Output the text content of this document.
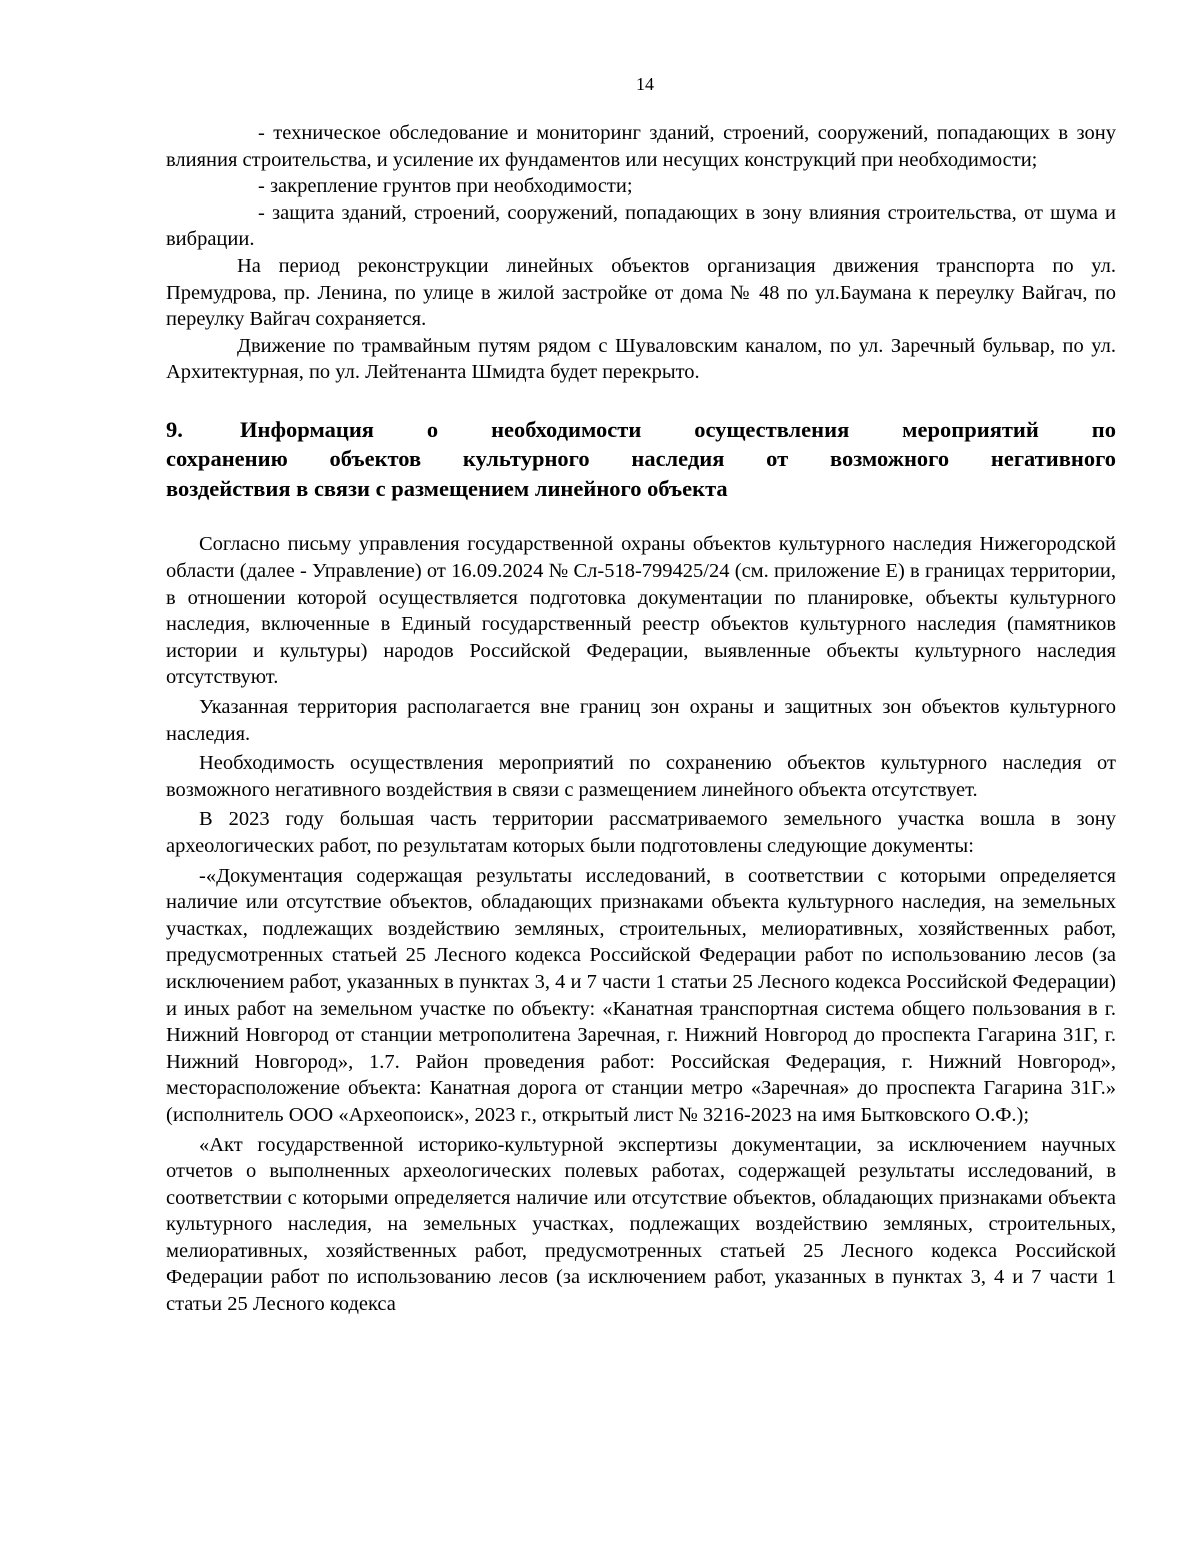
14

- техническое обследование и мониторинг зданий, строений, сооружений, попадающих в зону влияния строительства, и усиление их фундаментов или несущих конструкций при необходимости;

- закрепление грунтов при необходимости;

- защита зданий, строений, сооружений, попадающих в зону влияния строительства, от шума и вибрации.

На период реконструкции линейных объектов организация движения транспорта по ул. Премудрова, пр. Ленина, по улице в жилой застройке от дома № 48 по ул.Баумана к переулку Вайгач, по переулку Вайгач сохраняется.

Движение по трамвайным путям рядом с Шуваловским каналом, по ул. Заречный бульвар, по ул. Архитектурная, по ул. Лейтенанта Шмидта будет перекрыто.

9.	Информация о необходимости осуществления мероприятий по
сохранению объектов культурного наследия от возможного негативного
воздействия в связи с размещением линейного объекта

Согласно письму управления государственной охраны объектов культурного наследия Нижегородской области (далее - Управление) от 16.09.2024 № Сл-518-799425/24 (см. приложение Е) в границах территории, в отношении которой осуществляется подготовка документации по планировке, объекты культурного наследия, включенные в Единый государственный реестр объектов культурного наследия (памятников истории и культуры) народов Российской Федерации, выявленные объекты культурного наследия отсутствуют.

Указанная территория располагается вне границ зон охраны и защитных зон объектов культурного наследия.

Необходимость осуществления мероприятий по сохранению объектов культурного наследия от возможного негативного воздействия в связи с размещением линейного объекта отсутствует.

В 2023 году большая часть территории рассматриваемого земельного участка вошла в зону археологических работ, по результатам которых были подготовлены следующие документы:

-«Документация содержащая результаты исследований, в соответствии с которыми определяется наличие или отсутствие объектов, обладающих признаками объекта культурного наследия, на земельных участках, подлежащих воздействию земляных, строительных, мелиоративных, хозяйственных работ, предусмотренных статьей 25 Лесного кодекса Российской Федерации работ по использованию лесов (за исключением работ, указанных в пунктах 3, 4 и 7 части 1 статьи 25 Лесного кодекса Российской Федерации) и иных работ на земельном участке по объекту: «Канатная транспортная система общего пользования в г. Нижний Новгород от станции метрополитена Заречная, г. Нижний Новгород до проспекта Гагарина 31Г, г. Нижний Новгород», 1.7. Район проведения работ: Российская Федерация, г. Нижний Новгород», месторасположение объекта: Канатная дорога от станции метро «Заречная» до проспекта Гагарина 31Г.» (исполнитель ООО «Археопоиск», 2023 г., открытый лист № 3216-2023 на имя Бытковского О.Ф.);

«Акт государственной историко-культурной экспертизы документации, за исключением научных отчетов о выполненных археологических полевых работах, содержащей результаты исследований, в соответствии с которыми определяется наличие или отсутствие объектов, обладающих признаками объекта культурного наследия, на земельных участках, подлежащих воздействию земляных, строительных, мелиоративных, хозяйственных работ, предусмотренных статьей 25 Лесного кодекса Российской Федерации работ по использованию лесов (за исключением работ, указанных в пунктах 3, 4 и 7 части 1 статьи 25 Лесного кодекса
